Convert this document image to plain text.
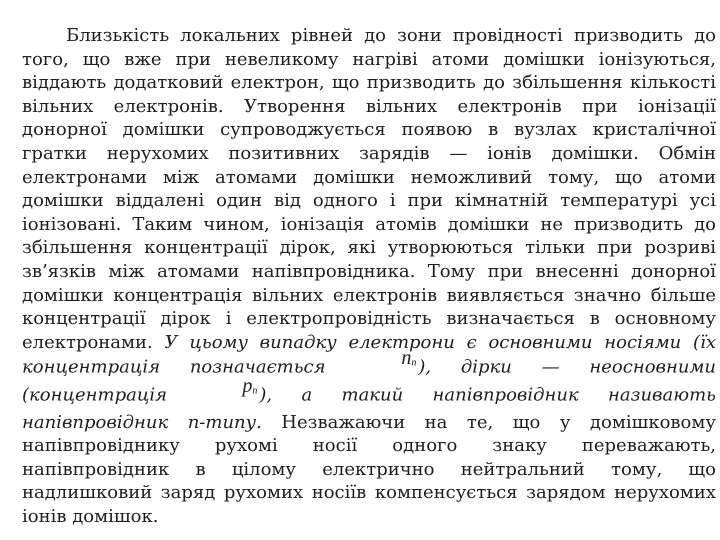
Близькість локальних рівней до зони провідності призводить до того, що вже при невеликому нагріві атоми домішки іонізуються, віддають додатковий електрон, що призводить до збільшення кількості вільних електронів. Утворення вільних електронів при іонізації донорної домішки супроводжується появою в вузлах кристалічної гратки нерухомих позитивних зарядів — іонів домішки. Обмін електронами між атомами домішки неможливий тому, що атоми домішки віддалені один від одного і при кімнатній температурі усі іонізовані. Таким чином, іонізація атомів домішки не призводить до збільшення концентрації дірок, які утворюються тільки при розриві зв’язків між атомами напівпровідника. Тому при внесенні донорної домішки концентрація вільних електронів виявляється значно більше концентрації дірок і електропровідність визначається в основному електронами. У цьому випадку електрони є основними носіями (їх концентрація позначається	$n_n$ ), дірки — неосновними (концентрація	$p_n$ ), а такий напівпровідник називають напівпровідник n-типу. Незважаючи на те, що у домішковому напівпровіднику рухомі носії одного знаку переважають, напівпровідник в цілому електрично нейтральний тому, що надлишковий заряд рухомих носіїв компенсується зарядом нерухомих іонів домішок.
